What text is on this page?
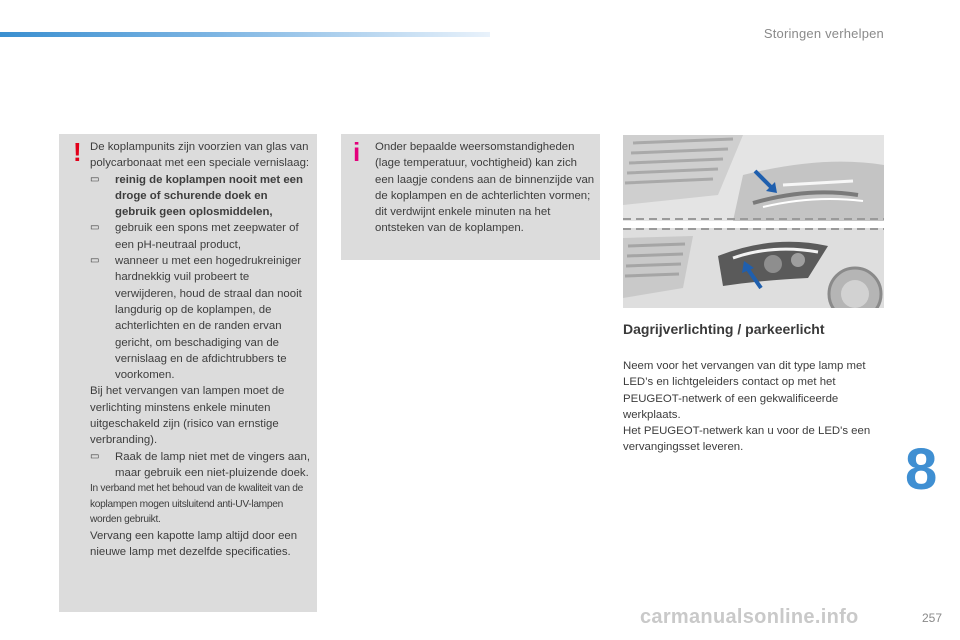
Storingen verhelpen
! De koplampunits zijn voorzien van glas van polycarbonaat met een speciale vernislaag:

▭	reinig de koplampen nooit met een droge of schurende doek en gebruik geen oplosmiddelen,
▭	gebruik een spons met zeepwater of een pH-neutraal product,
▭	wanneer u met een hogedrukreiniger hardnekkig vuil probeert te verwijderen, houd de straal dan nooit langdurig op de koplampen, de achterlichten en de randen ervan gericht, om beschadiging van de vernislaag en de afdichtrubbers te voorkomen.

Bij het vervangen van lampen moet de verlichting minstens enkele minuten uitgeschakeld zijn (risico van ernstige verbranding).

▭	Raak de lamp niet met de vingers aan, maar gebruik een niet-pluizende doek.

In verband met het behoud van de kwaliteit van de koplampen mogen uitsluitend anti-UV-lampen worden gebruikt.

Vervang een kapotte lamp altijd door een nieuwe lamp met dezelfde specificaties.

i Onder bepaalde weersomstandigheden (lage temperatuur, vochtigheid) kan zich een laagje condens aan de binnenzijde van de koplampen en de achterlichten vormen; dit verdwijnt enkele minuten na het ontsteken van de koplampen.
Dagrijverlichting / parkeerlicht

Neem voor het vervangen van dit type lamp met LED’s en lichtgeleiders contact op met het PEUGEOT-netwerk of een gekwalificeerde werkplaats.

Het PEUGEOT-netwerk kan u voor de LED's een vervangingsset leveren.	8
carmanualsonline.info	257
